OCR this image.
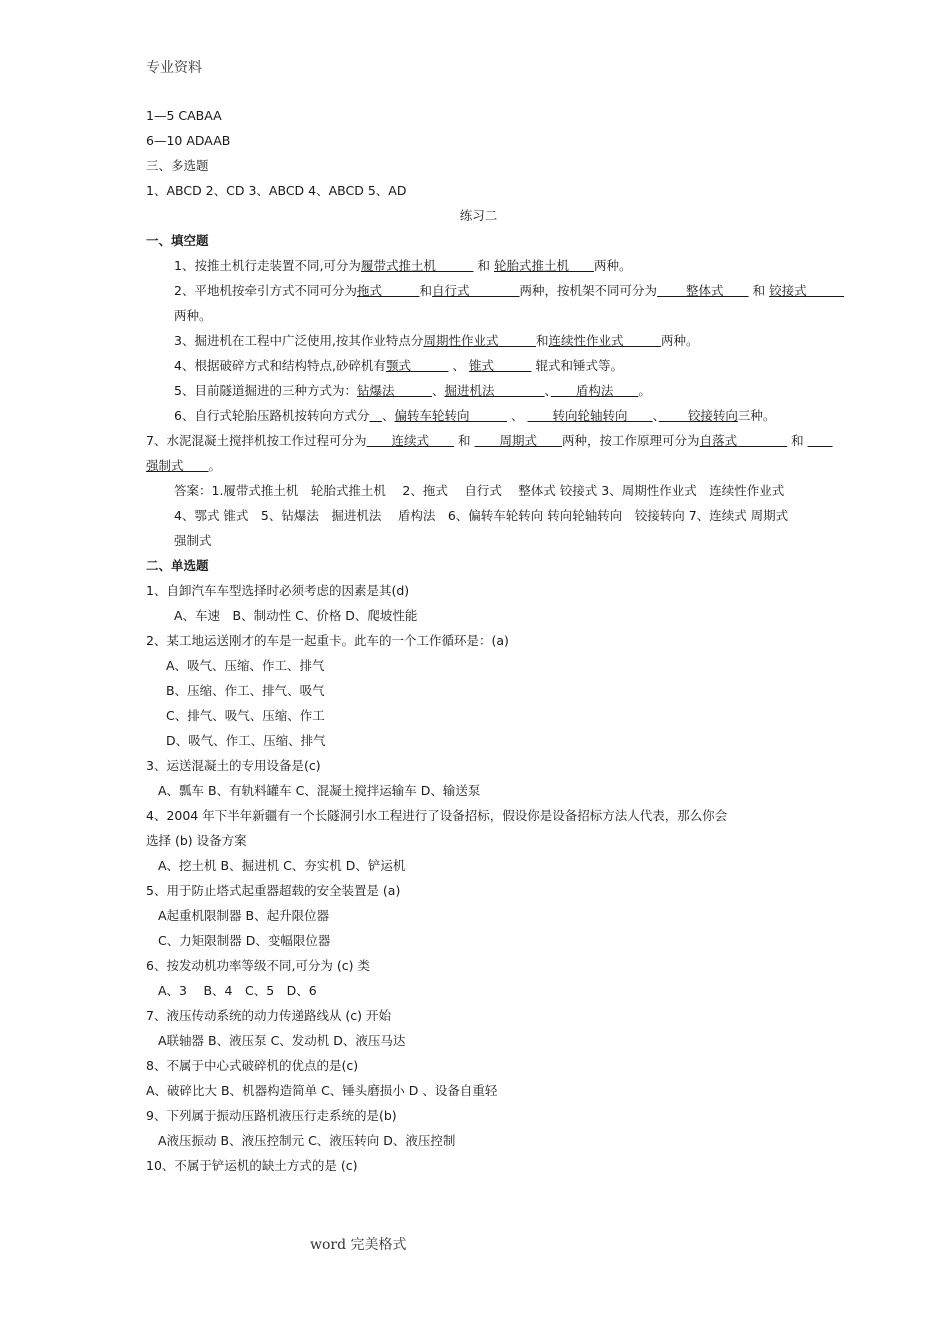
专业资料
1—5 CABAA
6—10 ADAAB
三、多选题
1、ABCD 2、CD 3、ABCD 4、ABCD 5、AD
练习二
一、填空题
1、按推土机行走装置不同,可分为履带式推土机　　　	和 轮胎式推土机　　 两种。
2、平地机按牵引方式不同可分为拖式　　　	和自行式　　　　	两种，按机架不同可分为　　 整体式　　 和 铰接式　　　两种。
3、掘进机在工程中广泛使用,按其作业特点分周期性作业式　　　	和连续性作业式　　　	两种。
4、根据破碎方式和结构特点,砂碎机有颚式　　　	、 锥式　　　	辊式和锤式等。
5、目前隧道掘进的三种方式为：钻爆法　　　	、掘进机法　　　　	、　　 盾构法　　 。
6、自行式轮胎压路机按转向方式分　 、偏转车轮转向　　　	、 　　 转向轮轴转向　　 、　　 铰接转向三种。
7、水泥混凝土搅拌机按工作过程可分为　　 连续式　　 和 　　 周期式　　 两种，按工作原理可分为自落式　　　　	和 　　强制式　　 。
答案：1.履带式推土机　轮胎式推土机　 2、拖式　 自行式　 整体式 铰接式 3、周期性作业式　连续性作业式　 4、鄂式 锥式　5、钻爆法　掘进机法　 盾构法　6、偏转车轮转向 转向轮轴转向　铰接转向 7、连续式 周期式　 强制式
二、单选题
1、自卸汽车车型选择时必须考虑的因素是其(d)
A、车速　B、制动性 C、价格 D、爬坡性能
2、某工地运送刚才的车是一起重卡。此车的一个工作循环是：(a)
A、吸气、压缩、作工、排气
B、压缩、作工、排气、吸气
C、排气、吸气、压缩、作工
D、吸气、作工、压缩、排气
3、运送混凝土的专用设备是(c)
A、瓢车 B、有轨料罐车 C、混凝土搅拌运输车 D、输送泵
4、2004 年下半年新疆有一个长隧洞引水工程进行了设备招标，假设你是设备招标方法人代表，那么你会
选择 (b) 设备方案
A、挖土机 B、掘进机 C、夯实机 D、铲运机
5、用于防止塔式起重器超载的安全装置是 (a)
A起重机限制器 B、起升限位器
C、力矩限制器 D、变幅限位器
6、按发动机功率等级不同,可分为 (c) 类
A、3　 B、4　C、5　D、6
7、液压传动系统的动力传递路线从 (c) 开始
A联轴器 B、液压泵 C、发动机 D、液压马达
8、不属于中心式破碎机的优点的是(c)
A、破碎比大 B、机器构造简单 C、锤头磨损小 D 、设备自重轻
9、下列属于振动压路机液压行走系统的是(b)
A液压振动 B、液压控制元 C、液压转向 D、液压控制
10、不属于铲运机的缺土方式的是 (c)
word 完美格式
